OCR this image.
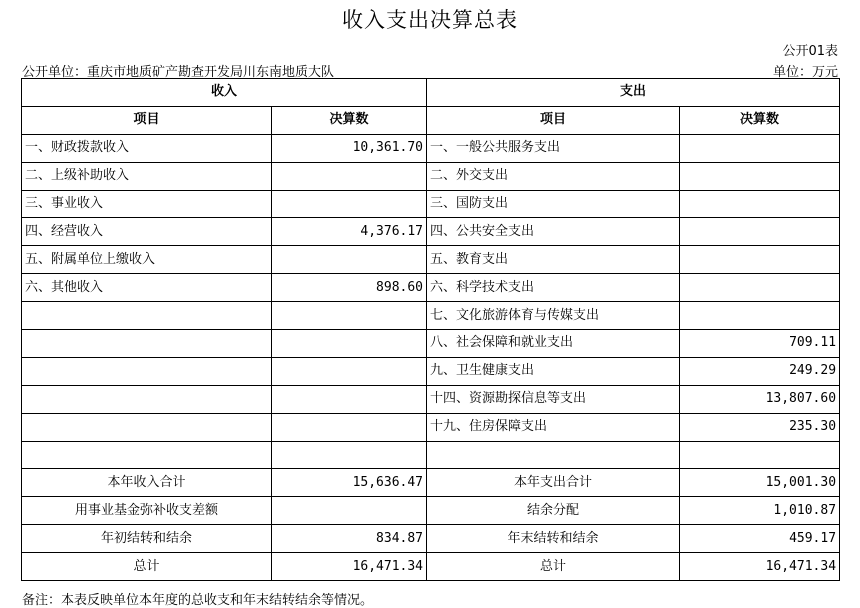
收入支出决算总表
公开01表
公开单位：重庆市地质矿产勘查开发局川东南地质大队	单位：万元
收入		支出	
项目	决算数	项目	决算数
一、财政拨款收入	10,361.70	一、一般公共服务支出	
二、上级补助收入		二、外交支出	
三、事业收入		三、国防支出	
四、经营收入	4,376.17	四、公共安全支出	
五、附属单位上缴收入		五、教育支出	
六、其他收入	898.60	六、科学技术支出	
		七、文化旅游体育与传媒支出	
		八、社会保障和就业支出	709.11
		九、卫生健康支出	249.29
		十四、资源勘探信息等支出	13,807.60
		十九、住房保障支出	235.30

本年收入合计	15,636.47	本年支出合计	15,001.30
用事业基金弥补收支差额		结余分配	1,010.87
年初结转和结余	834.87	年末结转和结余	459.17
总计	16,471.34	总计	16,471.34
备注：本表反映单位本年度的总收支和年末结转结余等情况。
